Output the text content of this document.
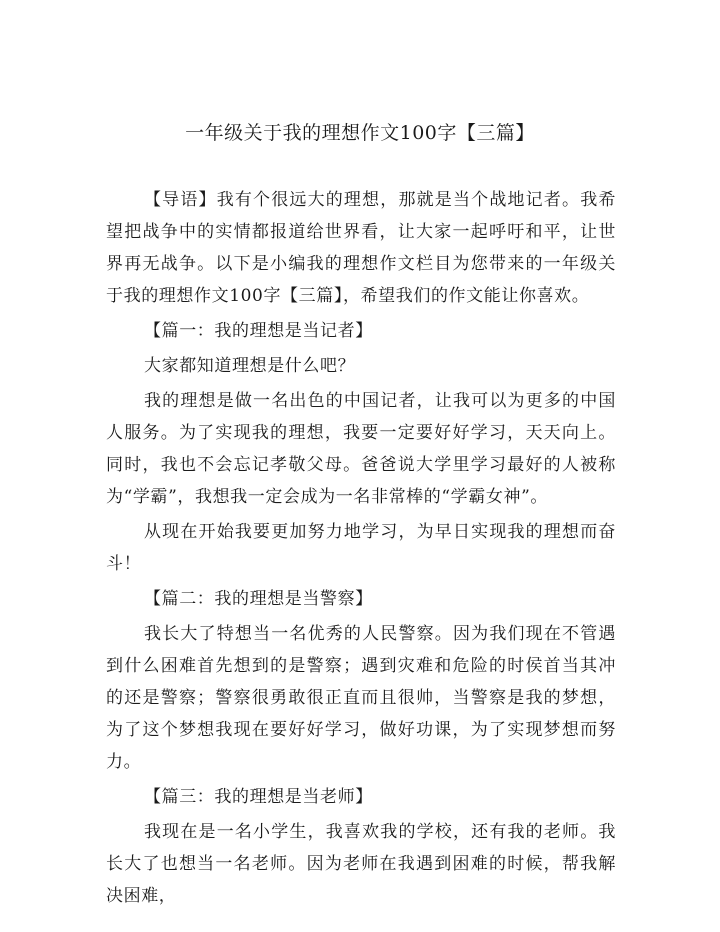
一年级关于我的理想作文100字【三篇】

【导语】我有个很远大的理想，那就是当个战地记者。我希望把战争中的实情都报道给世界看，让大家一起呼吁和平，让世界再无战争。以下是小编我的理想作文栏目为您带来的一年级关于我的理想作文100字【三篇】，希望我们的作文能让你喜欢。

【篇一：我的理想是当记者】

大家都知道理想是什么吧？

我的理想是做一名出色的中国记者，让我可以为更多的中国人服务。为了实现我的理想，我要一定要好好学习，天天向上。同时，我也不会忘记孝敬父母。爸爸说大学里学习最好的人被称为“学霸”，我想我一定会成为一名非常棒的“学霸女神”。

从现在开始我要更加努力地学习，为早日实现我的理想而奋斗！

【篇二：我的理想是当警察】

我长大了特想当一名优秀的人民警察。因为我们现在不管遇到什么困难首先想到的是警察；遇到灾难和危险的时侯首当其冲的还是警察；警察很勇敢很正直而且很帅，当警察是我的梦想，为了这个梦想我现在要好好学习，做好功课，为了实现梦想而努力。

【篇三：我的理想是当老师】

我现在是一名小学生，我喜欢我的学校，还有我的老师。我长大了也想当一名老师。因为老师在我遇到困难的时候，帮我解决困难，
